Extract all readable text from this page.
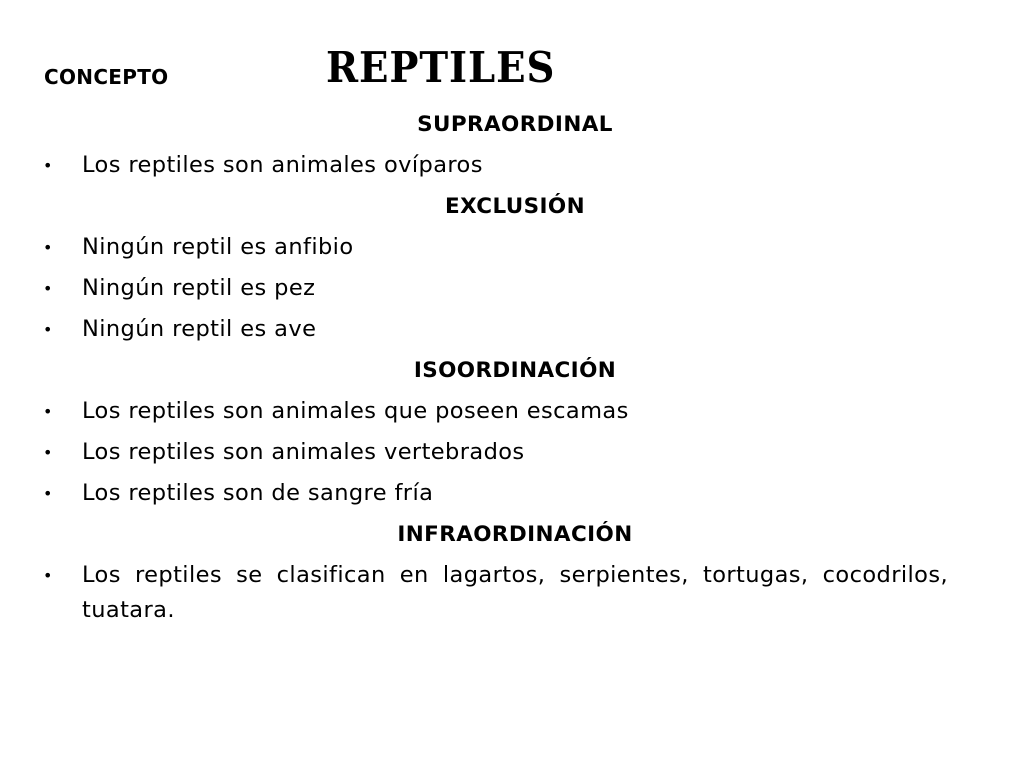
CONCEPTO	REPTILES
SUPRAORDINAL
•	Los reptiles son animales ovíparos
EXCLUSIÓN
•	Ningún reptil es anfibio
•	Ningún reptil es pez
•	Ningún reptil es ave
ISOORDINACIÓN
•	Los reptiles son animales que poseen escamas
•	Los reptiles son animales vertebrados
•	Los reptiles son de sangre fría
INFRAORDINACIÓN
•	Los reptiles se clasifican en lagartos, serpientes, tortugas, cocodrilos, tuatara.
